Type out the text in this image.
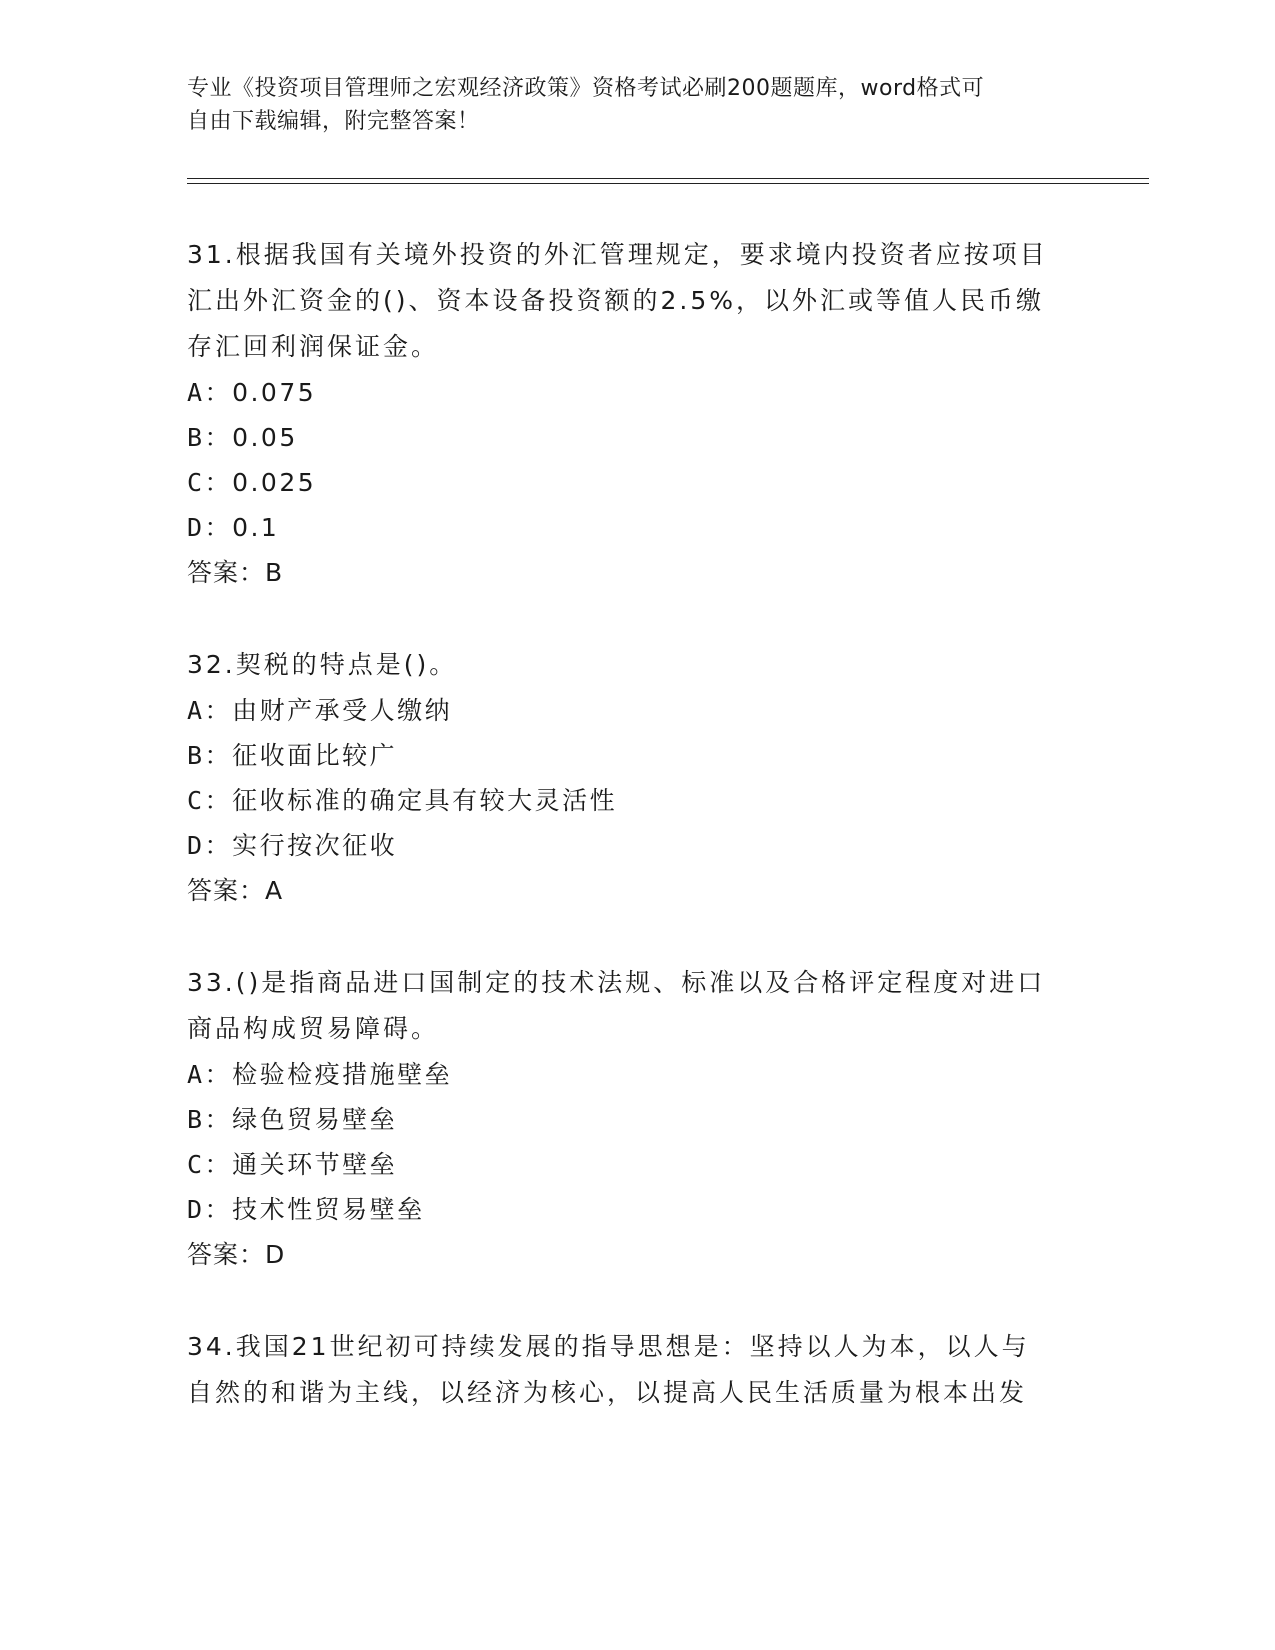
专业《投资项目管理师之宏观经济政策》资格考试必刷200题题库，word格式可
自由下载编辑，附完整答案！

31.根据我国有关境外投资的外汇管理规定，要求境内投资者应按项目

汇出外汇资金的()、资本设备投资额的2.5%，以外汇或等值人民币缴

存汇回利润保证金。

A：0.075

B：0.05

C：0.025

D：0.1

答案：B

32.契税的特点是()。

A：由财产承受人缴纳

B：征收面比较广

C：征收标准的确定具有较大灵活性

D：实行按次征收

答案：A

33.()是指商品进口国制定的技术法规、标准以及合格评定程度对进口

商品构成贸易障碍。

A：检验检疫措施壁垒

B：绿色贸易壁垒

C：通关环节壁垒

D：技术性贸易壁垒

答案：D

34.我国21世纪初可持续发展的指导思想是：坚持以人为本，以人与

自然的和谐为主线，以经济为核心，以提高人民生活质量为根本出发
